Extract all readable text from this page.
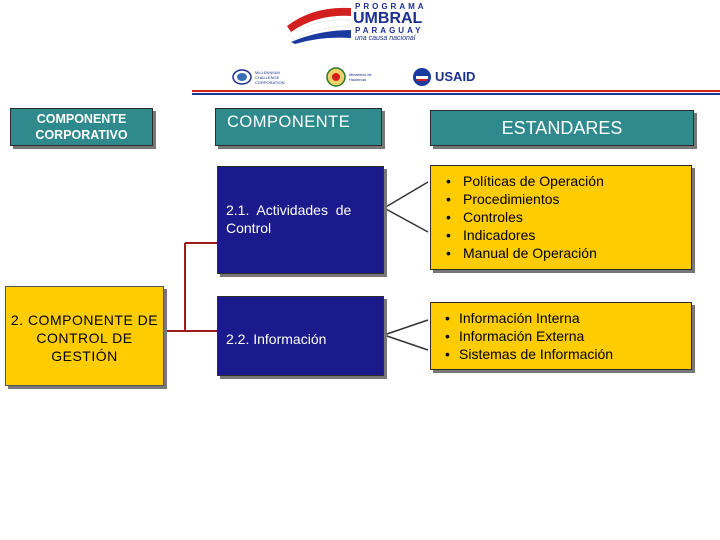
PROGRAMA
UMBRAL
PARAGUAY
una causa nacional
MILLENNIUM CHALLENGE CORPORATION
Ministerio de Hacienda	USAID
COMPONENTE CORPORATIVO
COMPONENTE	ESTANDARES
2. COMPONENTE DE CONTROL DE GESTIÓN
2.1.  Actividades  de Control
2.2. Información
• Políticas de Operación
• Procedimientos
• Controles
• Indicadores
• Manual de Operación
• Información Interna
• Información Externa
• Sistemas de Información
